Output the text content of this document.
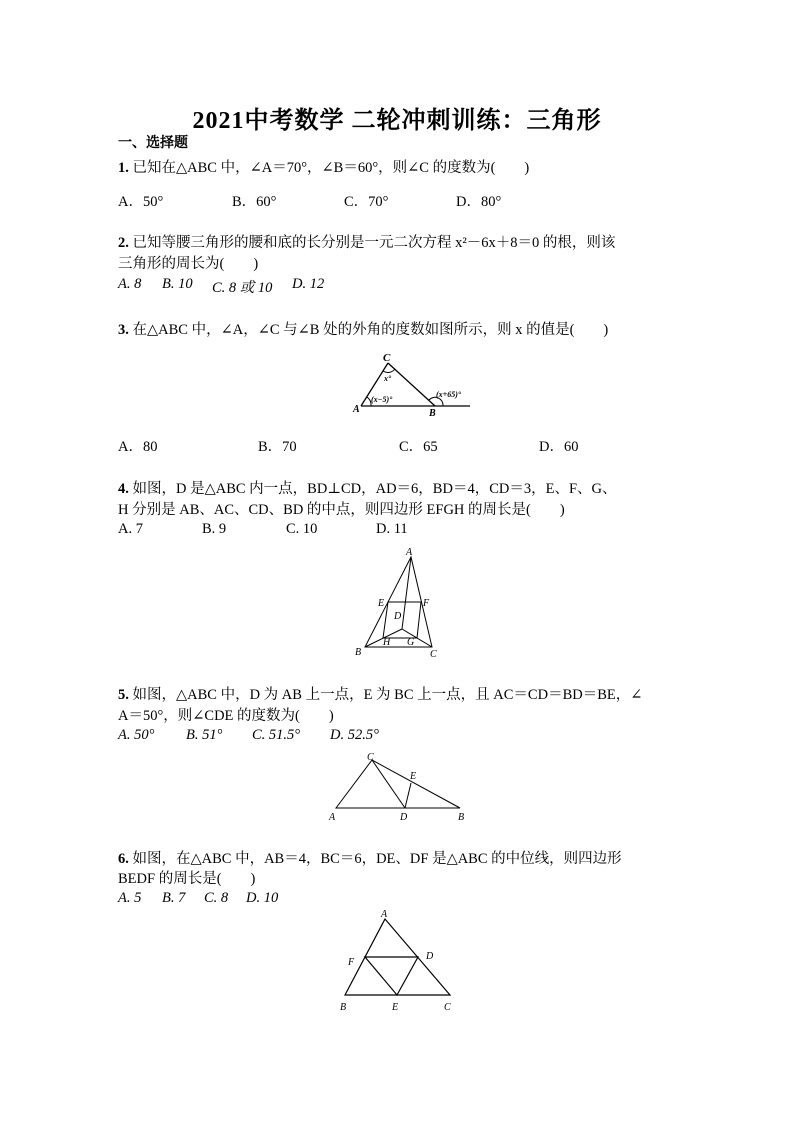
2021中考数学 二轮冲刺训练：三角形
一、选择题
1. 已知在△ABC 中，∠A＝70°，∠B＝60°，则∠C 的度数为(　　)
A．50°	B．60°	C．70°	D．80°
2. 已知等腰三角形的腰和底的长分别是一元二次方程 x²－6x＋8＝0 的根，则该
三角形的周长为(　　)
A. 8 B. 10 C. 8 或 10 D. 12
3. 在△ABC 中，∠A，∠C 与∠B 处的外角的度数如图所示，则 x 的值是(　　)
C
x°
A
(x−5)°
B
(x+65)°
A．80	B．70	C．65	D．60
4. 如图，D 是△ABC 内一点，BD⊥CD，AD＝6，BD＝4，CD＝3，E、F、G、
H 分别是 AB、AC、CD、BD 的中点，则四边形 EFGH 的周长是(　　)
A. 7	B. 9	C. 10	D. 11
A
E	F
D
H G
B	C
5. 如图，△ABC 中，D 为 AB 上一点，E 为 BC 上一点，且 AC＝CD＝BD＝BE，∠
A＝50°，则∠CDE 的度数为(　　)
A. 50° B. 51° C. 51.5° D. 52.5°
C
E
A	D	B
6. 如图，在△ABC 中，AB＝4，BC＝6，DE、DF 是△ABC 的中位线，则四边形
BEDF 的周长是(　　)
A. 5 B. 7 C. 8 D. 10
A
F
D
B	E	C
